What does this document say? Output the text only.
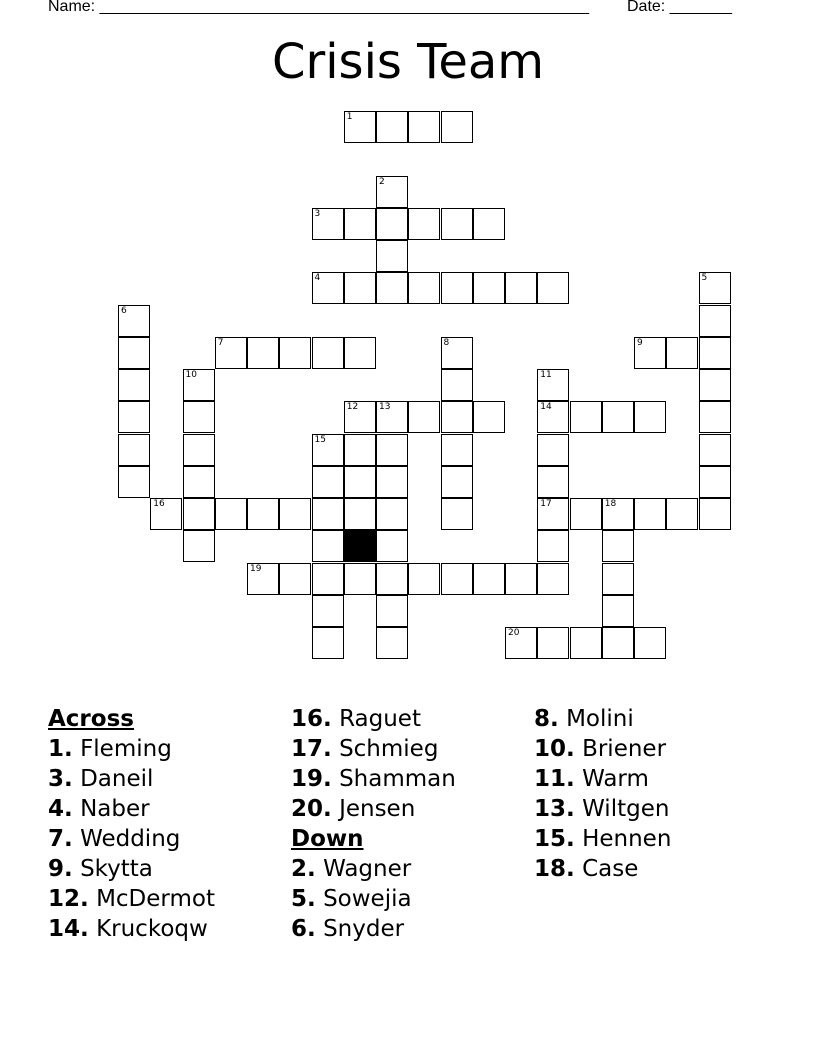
Name: _______________________________________________________ Date: _______
Crisis Team
1
2
3
4	5
6
7	8	9
10	11
12 13	14
15
16	17	18
19
20
Across
1. Fleming
3. Daneil
4. Naber
7. Wedding
9. Skytta
12. McDermot
14. Kruckoqw
16. Raguet
17. Schmieg
19. Shamman
20. Jensen
Down
2. Wagner
5. Sowejia
6. Snyder
8. Molini
10. Briener
11. Warm
13. Wiltgen
15. Hennen
18. Case
